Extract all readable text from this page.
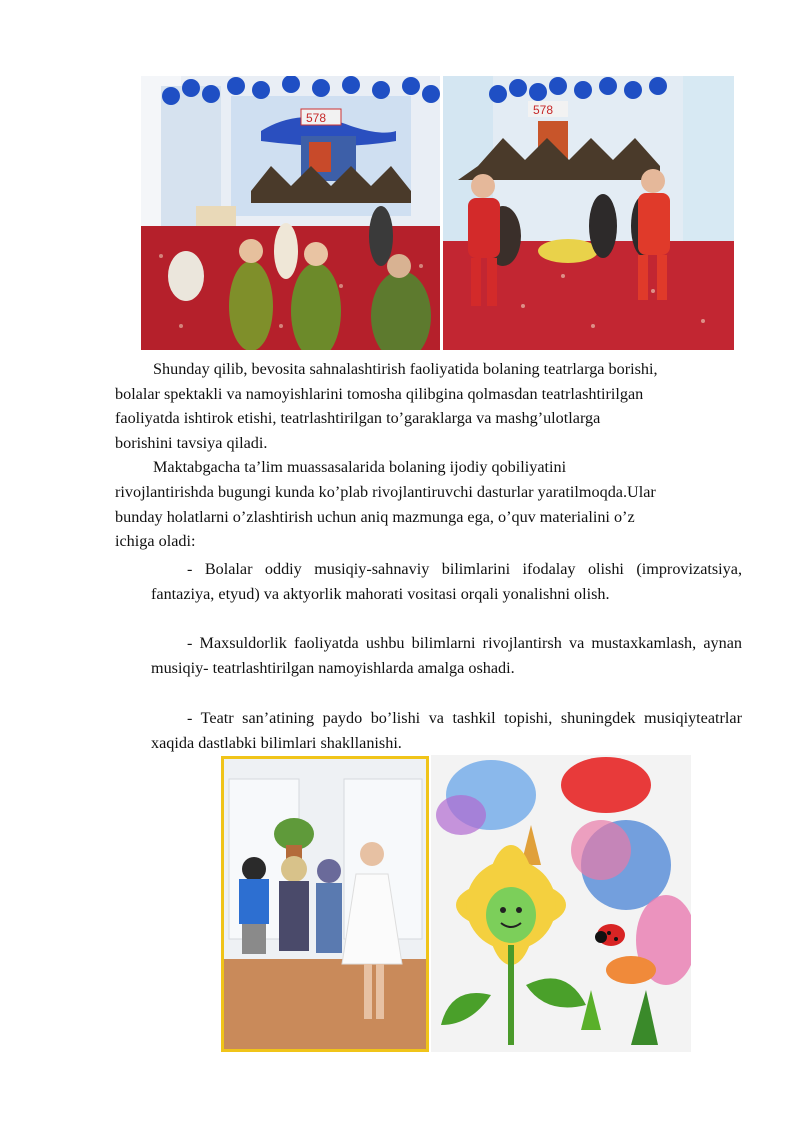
578
578

Shunday qilib, bevosita sahnalashtirish faoliyatida bolaning teatrlarga borishi,
bolalar spektakli va namoyishlarini tomosha qilibgina qolmasdan teatrlashtirilgan
faoliyatda ishtirok etishi, teatrlashtirilgan to’garaklarga va mashg’ulotlarga
borishini tavsiya qiladi.

Maktabgacha ta’lim muassasalarida bolaning ijodiy qobiliyatini
rivojlantirishda bugungi kunda ko’plab rivojlantiruvchi dasturlar yaratilmoqda.Ular
bunday holatlarni o’zlashtirish uchun aniq mazmunga ega, o’quv materialini o’z
ichiga oladi:

- Bolalar oddiy musiqiy-sahnaviy bilimlarini ifodalay olishi (improvizatsiya, fantaziya, etyud) va aktyorlik mahorati vositasi orqali yonalishni olish.

- Maxsuldorlik faoliyatda ushbu bilimlarni rivojlantirsh va mustaxkamlash, aynan musiqiy- teatrlashtirilgan namoyishlarda amalga oshadi.

- Teatr san’atining paydo bo’lishi va tashkil topishi, shuningdek musiqiyteatrlar xaqida dastlabki bilimlari shakllanishi.
